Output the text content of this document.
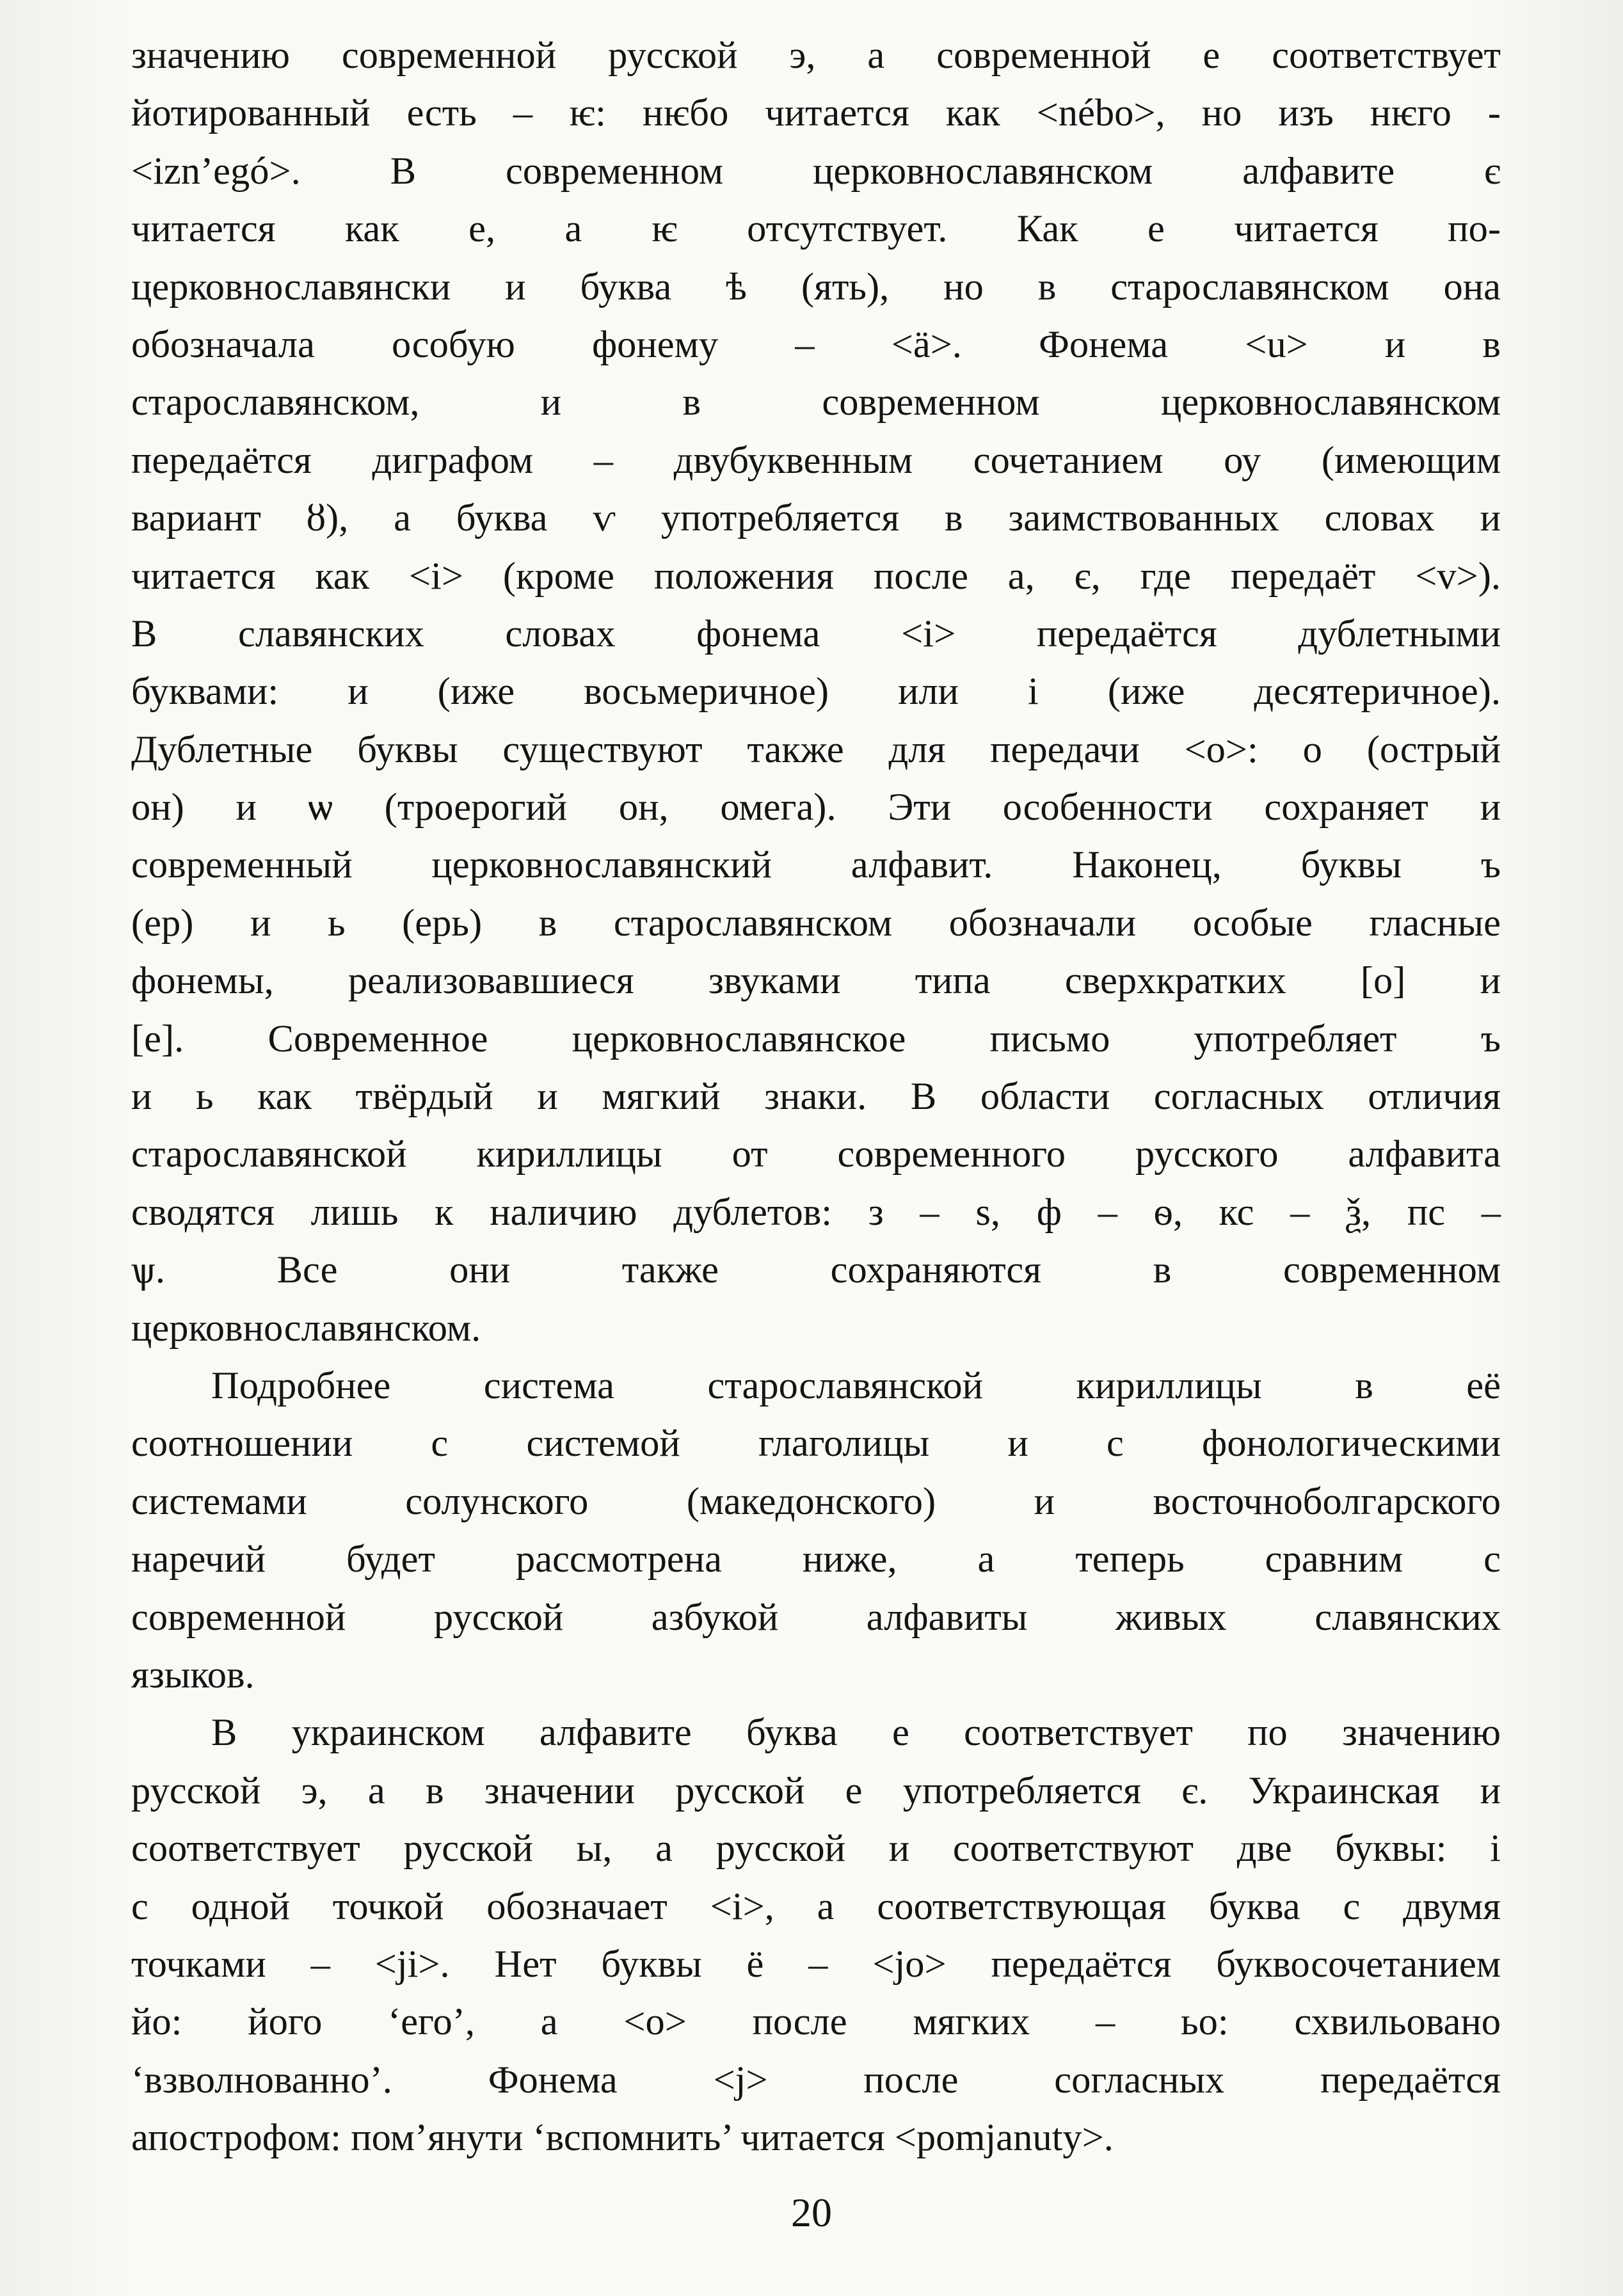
значению современной русской э, а современной е соответствует
йотированный есть – ѥ: нѥбо читается как <nébo>, но изъ нѥго -
<izn’egó>. В современном церковнославянском алфавите є
читается как е, а ѥ отсутствует. Как е читается по-
церковнославянски и буква ѣ (ять), но в старославянском она
обозначала особую фонему – <ä>. Фонема <u> и в
старославянском, и в современном церковнославянском
передаётся диграфом – двубуквенным сочетанием оу (имеющим
вариант ȣ), а буква ѵ употребляется в заимствованных словах и
читается как <i> (кроме положения после а, є, где передаёт <v>).
В славянских словах фонема <i> передаётся дублетными
буквами: и (иже восьмеричное) или і (иже десятеричное).
Дублетные буквы существуют также для передачи <o>: о (острый
он) и ѡ (троерогий он, омега). Эти особенности сохраняет и
современный церковнославянский алфавит. Наконец, буквы ъ
(ер) и ь (ерь) в старославянском обозначали особые гласные
фонемы, реализовавшиеся звуками типа сверхкратких [о] и
[е]. Современное церковнославянское письмо употребляет ъ
и ь как твёрдый и мягкий знаки. В области согласных отличия
старославянской кириллицы от современного русского алфавита
сводятся лишь к наличию дублетов: з – ѕ, ф – ѳ, кс – ѯ, пс –
ѱ. Все они также сохраняются в современном
церковнославянском.
Подробнее система старославянской кириллицы в её
соотношении с системой глаголицы и с фонологическими
системами солунского (македонского) и восточноболгарского
наречий будет рассмотрена ниже, а теперь сравним с
современной русской азбукой алфавиты живых славянских
языков.
В украинском алфавите буква е соответствует по значению
русской э, а в значении русской е употребляется є. Украинская и
соответствует русской ы, а русской и соответствуют две буквы: і
с одной точкой обозначает <i>, а соответствующая буква с двумя
точками – <ji>. Нет буквы ё – <jo> передаётся буквосочетанием
йо: його ‘его’, а <o> после мягких – ьо: схвильовано
‘взволнованно’. Фонема <j> после согласных передаётся
апострофом: пом’янути ‘вспомнить’ читается <pomjanuty>.
20
